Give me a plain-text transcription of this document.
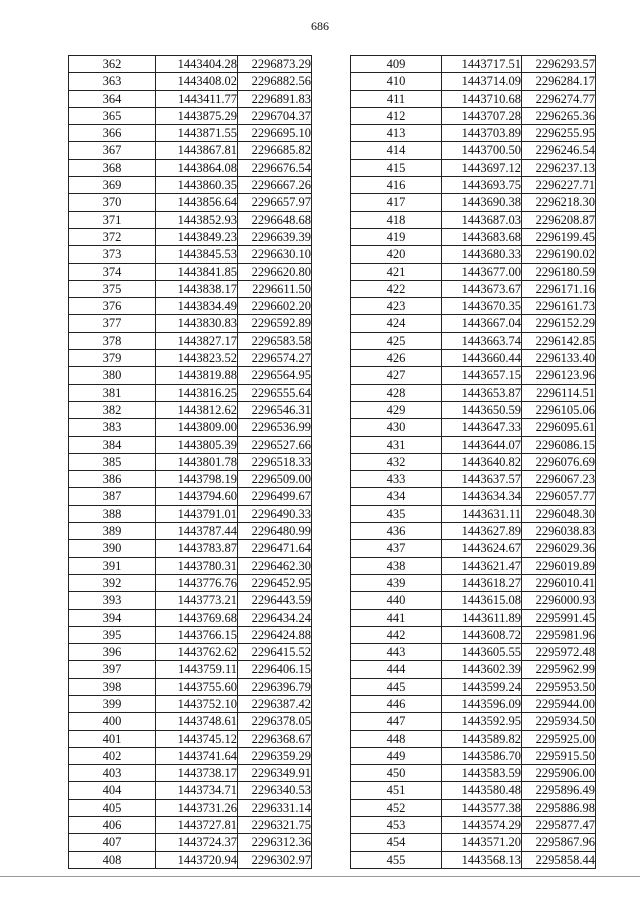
686
362	1443404.28	2296873.29
363	1443408.02	2296882.56
364	1443411.77	2296891.83
365	1443875.29	2296704.37
366	1443871.55	2296695.10
367	1443867.81	2296685.82
368	1443864.08	2296676.54
369	1443860.35	2296667.26
370	1443856.64	2296657.97
371	1443852.93	2296648.68
372	1443849.23	2296639.39
373	1443845.53	2296630.10
374	1443841.85	2296620.80
375	1443838.17	2296611.50
376	1443834.49	2296602.20
377	1443830.83	2296592.89
378	1443827.17	2296583.58
379	1443823.52	2296574.27
380	1443819.88	2296564.95
381	1443816.25	2296555.64
382	1443812.62	2296546.31
383	1443809.00	2296536.99
384	1443805.39	2296527.66
385	1443801.78	2296518.33
386	1443798.19	2296509.00
387	1443794.60	2296499.67
388	1443791.01	2296490.33
389	1443787.44	2296480.99
390	1443783.87	2296471.64
391	1443780.31	2296462.30
392	1443776.76	2296452.95
393	1443773.21	2296443.59
394	1443769.68	2296434.24
395	1443766.15	2296424.88
396	1443762.62	2296415.52
397	1443759.11	2296406.15
398	1443755.60	2296396.79
399	1443752.10	2296387.42
400	1443748.61	2296378.05
401	1443745.12	2296368.67
402	1443741.64	2296359.29
403	1443738.17	2296349.91
404	1443734.71	2296340.53
405	1443731.26	2296331.14
406	1443727.81	2296321.75
407	1443724.37	2296312.36
408	1443720.94	2296302.97
409	1443717.51	2296293.57
410	1443714.09	2296284.17
411	1443710.68	2296274.77
412	1443707.28	2296265.36
413	1443703.89	2296255.95
414	1443700.50	2296246.54
415	1443697.12	2296237.13
416	1443693.75	2296227.71
417	1443690.38	2296218.30
418	1443687.03	2296208.87
419	1443683.68	2296199.45
420	1443680.33	2296190.02
421	1443677.00	2296180.59
422	1443673.67	2296171.16
423	1443670.35	2296161.73
424	1443667.04	2296152.29
425	1443663.74	2296142.85
426	1443660.44	2296133.40
427	1443657.15	2296123.96
428	1443653.87	2296114.51
429	1443650.59	2296105.06
430	1443647.33	2296095.61
431	1443644.07	2296086.15
432	1443640.82	2296076.69
433	1443637.57	2296067.23
434	1443634.34	2296057.77
435	1443631.11	2296048.30
436	1443627.89	2296038.83
437	1443624.67	2296029.36
438	1443621.47	2296019.89
439	1443618.27	2296010.41
440	1443615.08	2296000.93
441	1443611.89	2295991.45
442	1443608.72	2295981.96
443	1443605.55	2295972.48
444	1443602.39	2295962.99
445	1443599.24	2295953.50
446	1443596.09	2295944.00
447	1443592.95	2295934.50
448	1443589.82	2295925.00
449	1443586.70	2295915.50
450	1443583.59	2295906.00
451	1443580.48	2295896.49
452	1443577.38	2295886.98
453	1443574.29	2295877.47
454	1443571.20	2295867.96
455	1443568.13	2295858.44
